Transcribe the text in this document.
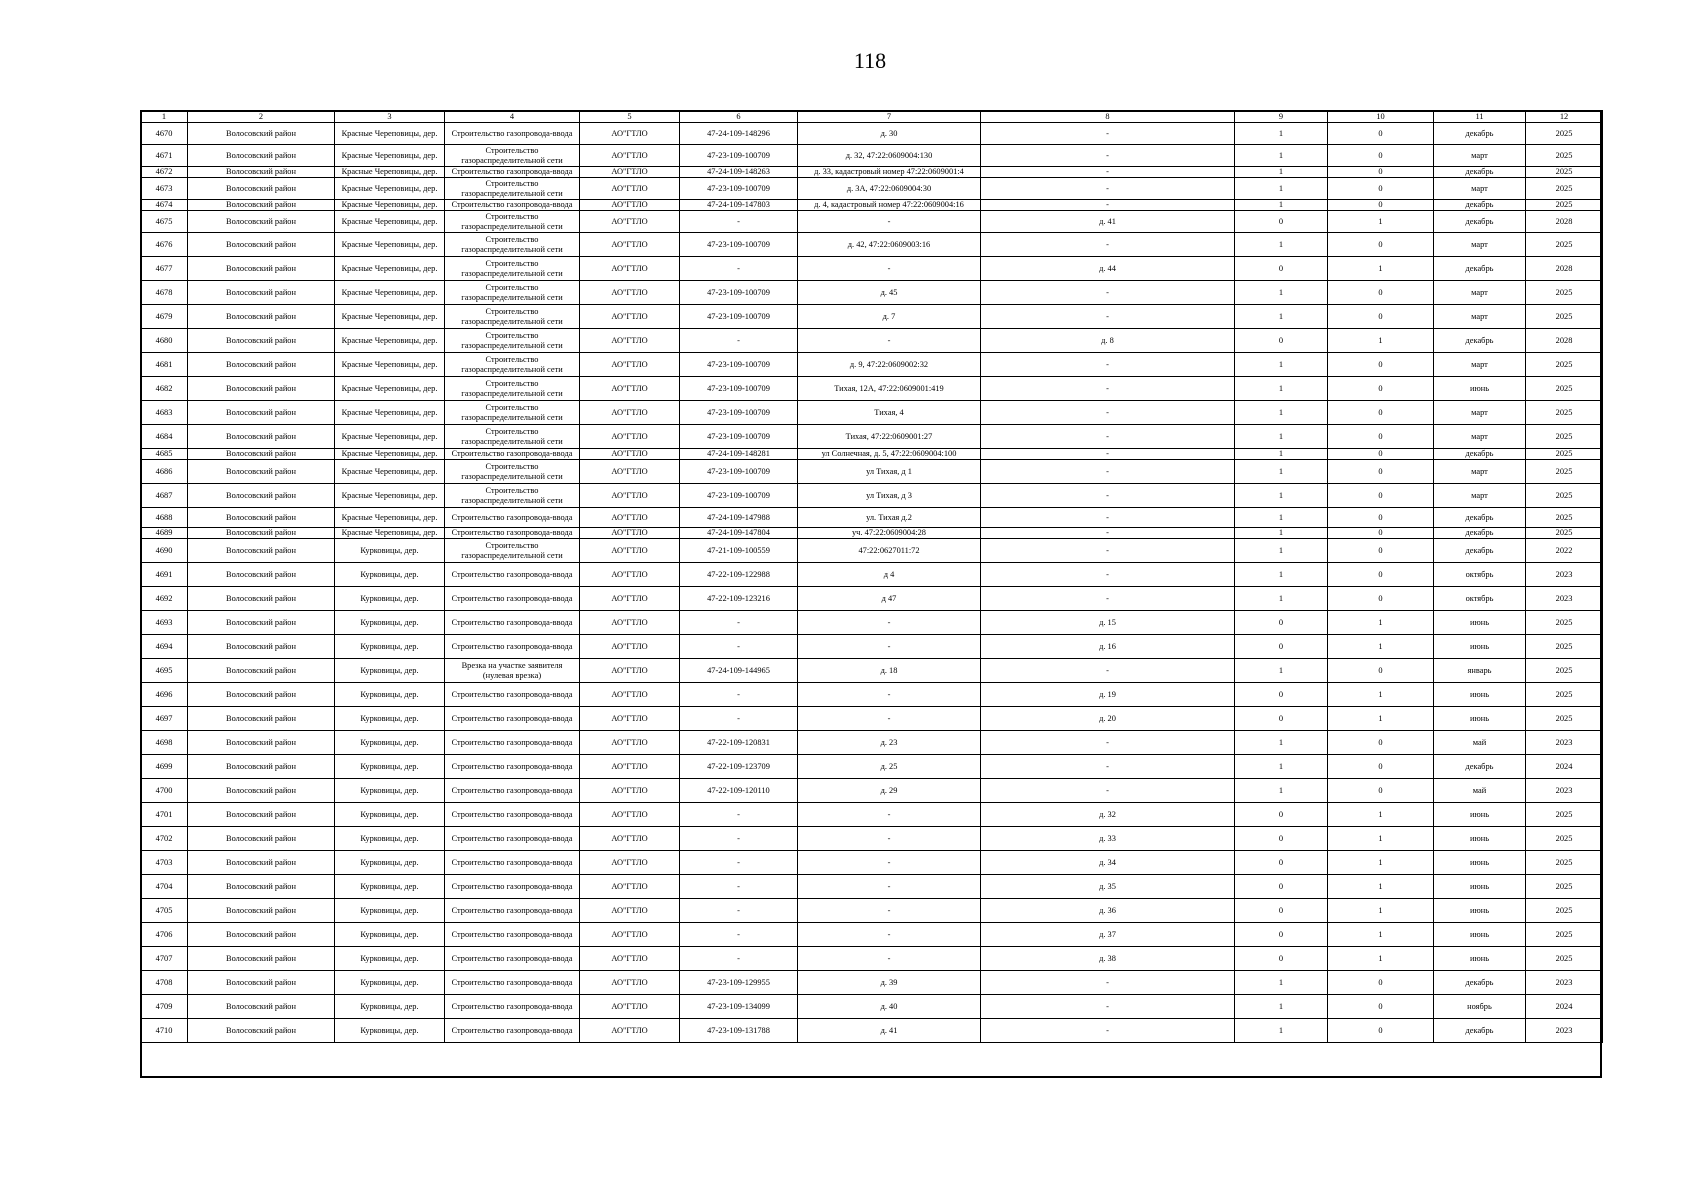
118
1	2	3	4	5	6	7	8	9	10	11	12
4670	Волосовский район	Красные Череповицы, дер.	Строительство газопровода-ввода	АО"ГТЛО	47-24-109-148296	д. 30	-	1	0	декабрь	2025
4671	Волосовский район	Красные Череповицы, дер.	Строительство газораспределительной сети	АО"ГТЛО	47-23-109-100709	д. 32, 47:22:0609004:130	-	1	0	март	2025
4672	Волосовский район	Красные Череповицы, дер.	Строительство газопровода-ввода	АО"ГТЛО	47-24-109-148263	д. 33, кадастровый номер 47:22:0609001:4	-	1	0	декабрь	2025
4673	Волосовский район	Красные Череповицы, дер.	Строительство газораспределительной сети	АО"ГТЛО	47-23-109-100709	д. 3А, 47:22:0609004:30	-	1	0	март	2025
4674	Волосовский район	Красные Череповицы, дер.	Строительство газопровода-ввода	АО"ГТЛО	47-24-109-147803	д. 4, кадастровый номер 47:22:0609004:16	-	1	0	декабрь	2025
4675	Волосовский район	Красные Череповицы, дер.	Строительство газораспределительной сети	АО"ГТЛО	-	-	д. 41	0	1	декабрь	2028
4676	Волосовский район	Красные Череповицы, дер.	Строительство газораспределительной сети	АО"ГТЛО	47-23-109-100709	д. 42, 47:22:0609003:16	-	1	0	март	2025
4677	Волосовский район	Красные Череповицы, дер.	Строительство газораспределительной сети	АО"ГТЛО	-	-	д. 44	0	1	декабрь	2028
4678	Волосовский район	Красные Череповицы, дер.	Строительство газораспределительной сети	АО"ГТЛО	47-23-109-100709	д. 45	-	1	0	март	2025
4679	Волосовский район	Красные Череповицы, дер.	Строительство газораспределительной сети	АО"ГТЛО	47-23-109-100709	д. 7	-	1	0	март	2025
4680	Волосовский район	Красные Череповицы, дер.	Строительство газораспределительной сети	АО"ГТЛО	-	-	д. 8	0	1	декабрь	2028
4681	Волосовский район	Красные Череповицы, дер.	Строительство газораспределительной сети	АО"ГТЛО	47-23-109-100709	д. 9, 47:22:0609002:32	-	1	0	март	2025
4682	Волосовский район	Красные Череповицы, дер.	Строительство газораспределительной сети	АО"ГТЛО	47-23-109-100709	Тихая, 12А, 47:22:0609001:419	-	1	0	июнь	2025
4683	Волосовский район	Красные Череповицы, дер.	Строительство газораспределительной сети	АО"ГТЛО	47-23-109-100709	Тихая, 4	-	1	0	март	2025
4684	Волосовский район	Красные Череповицы, дер.	Строительство газораспределительной сети	АО"ГТЛО	47-23-109-100709	Тихая, 47:22:0609001:27	-	1	0	март	2025
4685	Волосовский район	Красные Череповицы, дер.	Строительство газопровода-ввода	АО"ГТЛО	47-24-109-148281	ул Солнечная, д. 5, 47:22:0609004:100	-	1	0	декабрь	2025
4686	Волосовский район	Красные Череповицы, дер.	Строительство газораспределительной сети	АО"ГТЛО	47-23-109-100709	ул Тихая, д 1	-	1	0	март	2025
4687	Волосовский район	Красные Череповицы, дер.	Строительство газораспределительной сети	АО"ГТЛО	47-23-109-100709	ул Тихая, д 3	-	1	0	март	2025
4688	Волосовский район	Красные Череповицы, дер.	Строительство газопровода-ввода	АО"ГТЛО	47-24-109-147988	ул. Тихая д.2	-	1	0	декабрь	2025
4689	Волосовский район	Красные Череповицы, дер.	Строительство газопровода-ввода	АО"ГТЛО	47-24-109-147804	уч. 47:22:0609004:28	-	1	0	декабрь	2025
4690	Волосовский район	Курковицы, дер.	Строительство газораспределительной сети	АО"ГТЛО	47-21-109-100559	47:22:0627011:72	-	1	0	декабрь	2022
4691	Волосовский район	Курковицы, дер.	Строительство газопровода-ввода	АО"ГТЛО	47-22-109-122988	д 4	-	1	0	октябрь	2023
4692	Волосовский район	Курковицы, дер.	Строительство газопровода-ввода	АО"ГТЛО	47-22-109-123216	д 47	-	1	0	октябрь	2023
4693	Волосовский район	Курковицы, дер.	Строительство газопровода-ввода	АО"ГТЛО	-	-	д. 15	0	1	июнь	2025
4694	Волосовский район	Курковицы, дер.	Строительство газопровода-ввода	АО"ГТЛО	-	-	д. 16	0	1	июнь	2025
4695	Волосовский район	Курковицы, дер.	Врезка на участке заявителя (нулевая врезка)	АО"ГТЛО	47-24-109-144965	д. 18	-	1	0	январь	2025
4696	Волосовский район	Курковицы, дер.	Строительство газопровода-ввода	АО"ГТЛО	-	-	д. 19	0	1	июнь	2025
4697	Волосовский район	Курковицы, дер.	Строительство газопровода-ввода	АО"ГТЛО	-	-	д. 20	0	1	июнь	2025
4698	Волосовский район	Курковицы, дер.	Строительство газопровода-ввода	АО"ГТЛО	47-22-109-120831	д. 23	-	1	0	май	2023
4699	Волосовский район	Курковицы, дер.	Строительство газопровода-ввода	АО"ГТЛО	47-22-109-123709	д. 25	-	1	0	декабрь	2024
4700	Волосовский район	Курковицы, дер.	Строительство газопровода-ввода	АО"ГТЛО	47-22-109-120110	д. 29	-	1	0	май	2023
4701	Волосовский район	Курковицы, дер.	Строительство газопровода-ввода	АО"ГТЛО	-	-	д. 32	0	1	июнь	2025
4702	Волосовский район	Курковицы, дер.	Строительство газопровода-ввода	АО"ГТЛО	-	-	д. 33	0	1	июнь	2025
4703	Волосовский район	Курковицы, дер.	Строительство газопровода-ввода	АО"ГТЛО	-	-	д. 34	0	1	июнь	2025
4704	Волосовский район	Курковицы, дер.	Строительство газопровода-ввода	АО"ГТЛО	-	-	д. 35	0	1	июнь	2025
4705	Волосовский район	Курковицы, дер.	Строительство газопровода-ввода	АО"ГТЛО	-	-	д. 36	0	1	июнь	2025
4706	Волосовский район	Курковицы, дер.	Строительство газопровода-ввода	АО"ГТЛО	-	-	д. 37	0	1	июнь	2025
4707	Волосовский район	Курковицы, дер.	Строительство газопровода-ввода	АО"ГТЛО	-	-	д. 38	0	1	июнь	2025
4708	Волосовский район	Курковицы, дер.	Строительство газопровода-ввода	АО"ГТЛО	47-23-109-129955	д. 39	-	1	0	декабрь	2023
4709	Волосовский район	Курковицы, дер.	Строительство газопровода-ввода	АО"ГТЛО	47-23-109-134099	д. 40	-	1	0	ноябрь	2024
4710	Волосовский район	Курковицы, дер.	Строительство газопровода-ввода	АО"ГТЛО	47-23-109-131788	д. 41	-	1	0	декабрь	2023
